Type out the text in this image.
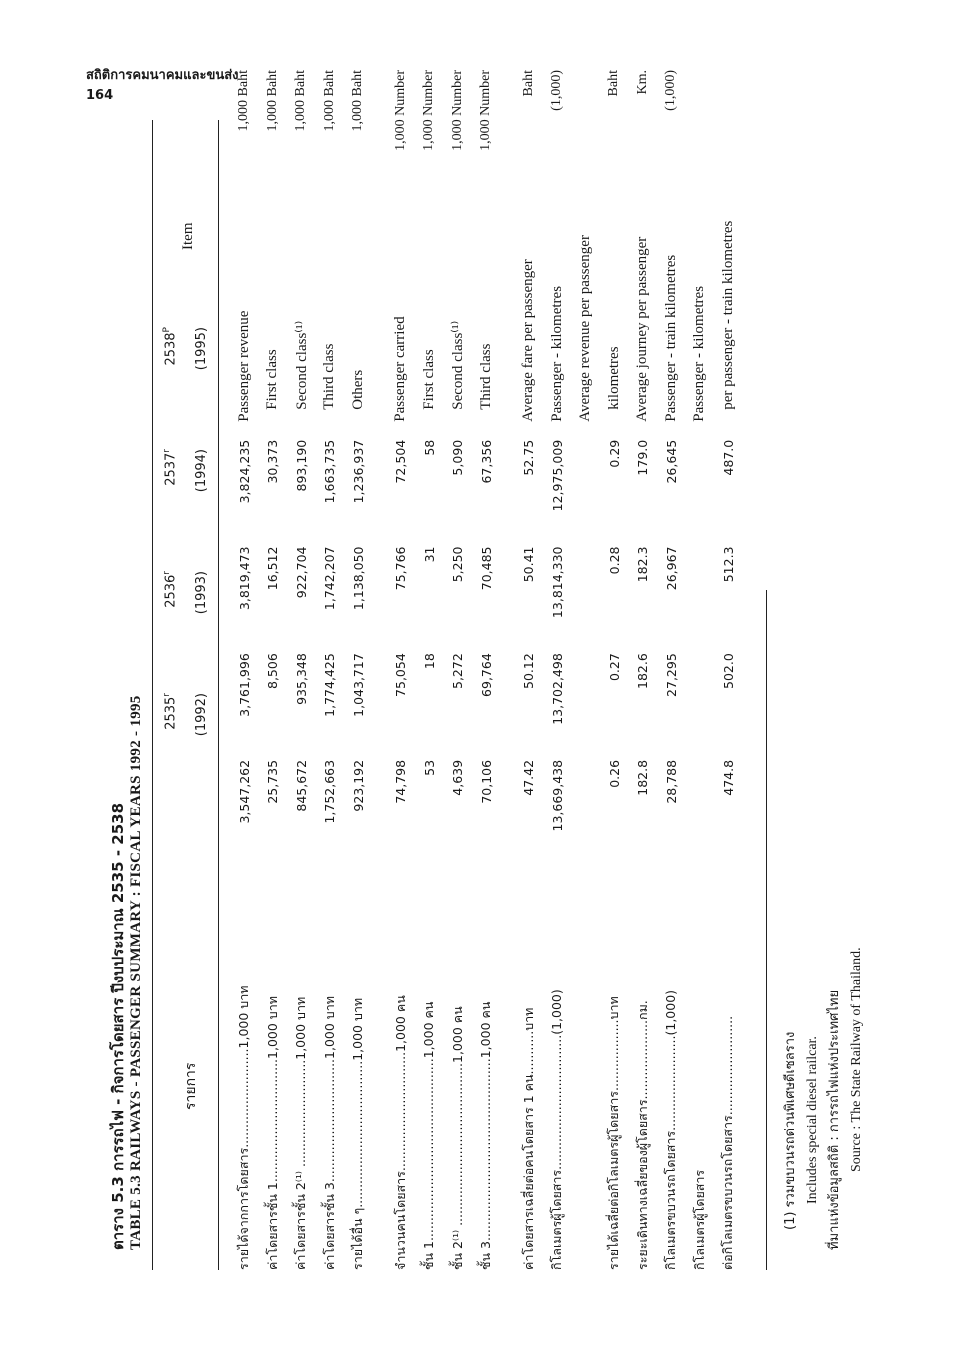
สถิติการคมนาคมและขนส่ง
164
ตาราง 5.3 การรถไฟ - กิจการโดยสาร ปีงบประมาณ 2535 - 2538 TABLE 5.3 RAILWAYS - PASSENGER SUMMARY : FISCAL YEARS 1992 - 1995	รายการ
2535$^r$	(1992)
2536$^r$	(1993)
2537$^r$	(1994)
$2538^P$	(1995)
Item
รายได้จากการโดยสาร.........................1,000 บาท	3,547,262	3,761,996	3,819,473	3,824,235	Passenger revenue	1,000 Baht
ค่าโดยสารชั้น 1...............................1,000 บาท	25,735	8,506	16,512	30,373	First class	1,000 Baht
ค่าโดยสารชั้น 2⁽¹⁾ ...........................1,000 บาท	845,672	935,348	922,704	893,190	Second class⁽¹⁾	1,000 Baht
ค่าโดยสารชั้น 3...............................1,000 บาท	1,752,663	1,774,425	1,742,207	1,663,735	Third class	1,000 Baht
รายได้อื่น ๆ.....................................1,000 บาท	923,192	1,043,717	1,138,050	1,236,937	Others	1,000 Baht

จำนวนคนโดยสาร..............................1,000 คน	74,798	75,054	75,766	72,504	Passenger carried	1,000 Number
ชั้น 1..............................................1,000 คน	53	18	31	58	First class	1,000 Number
ชั้น 2⁽¹⁾ .........................................1,000 คน	4,639	5,272	5,250	5,090	Second class⁽¹⁾	1,000 Number
ชั้น 3..............................................1,000 คน	70,106	69,764	70,485	67,356	Third class	1,000 Number

ค่าโดยสารเฉลี่ยต่อคนโดยสาร 1 คน...........บาท	47.42	50.12	50.41	52.75	Average fare per passenger	Baht
กิโลเมตรผู้โดยสาร..................................(1,000)	13,669,438	13,702,498	13,814,330	12,975,009	Passenger - kilometres	(1,000)
					Average revenue per passenger	
รายได้เฉลี่ยต่อกิโลเมตรผู้โดยสาร..................บาท	0.26	0.27	0.28	0.29	kilometres	Baht
ระยะเดินทางเฉลี่ยของผู้โดยสาร....................กม.	182.8	182.6	182.3	179.0	Average journey per passenger	Km.
กิโลเมตรขบวนรถโดยสาร........................(1,000)	28,788	27,295	26,967	26,645	Passenger - train kilometres	(1,000)
กิโลเมตรผู้โดยสาร					Passenger - kilometres	
ต่อกิโลเมตรขบวนรถโดยสาร.........................	474.8	502.0	512.3	487.0	per passenger - train kilometres	
(1) รวมขบวนรถด่วนพิเศษดีเซลราง Includes special diesel railcar. ที่มาแห่งข้อมูลสถิติ : การรถไฟแห่งประเทศไทย Source : The State Railway of Thailand.
